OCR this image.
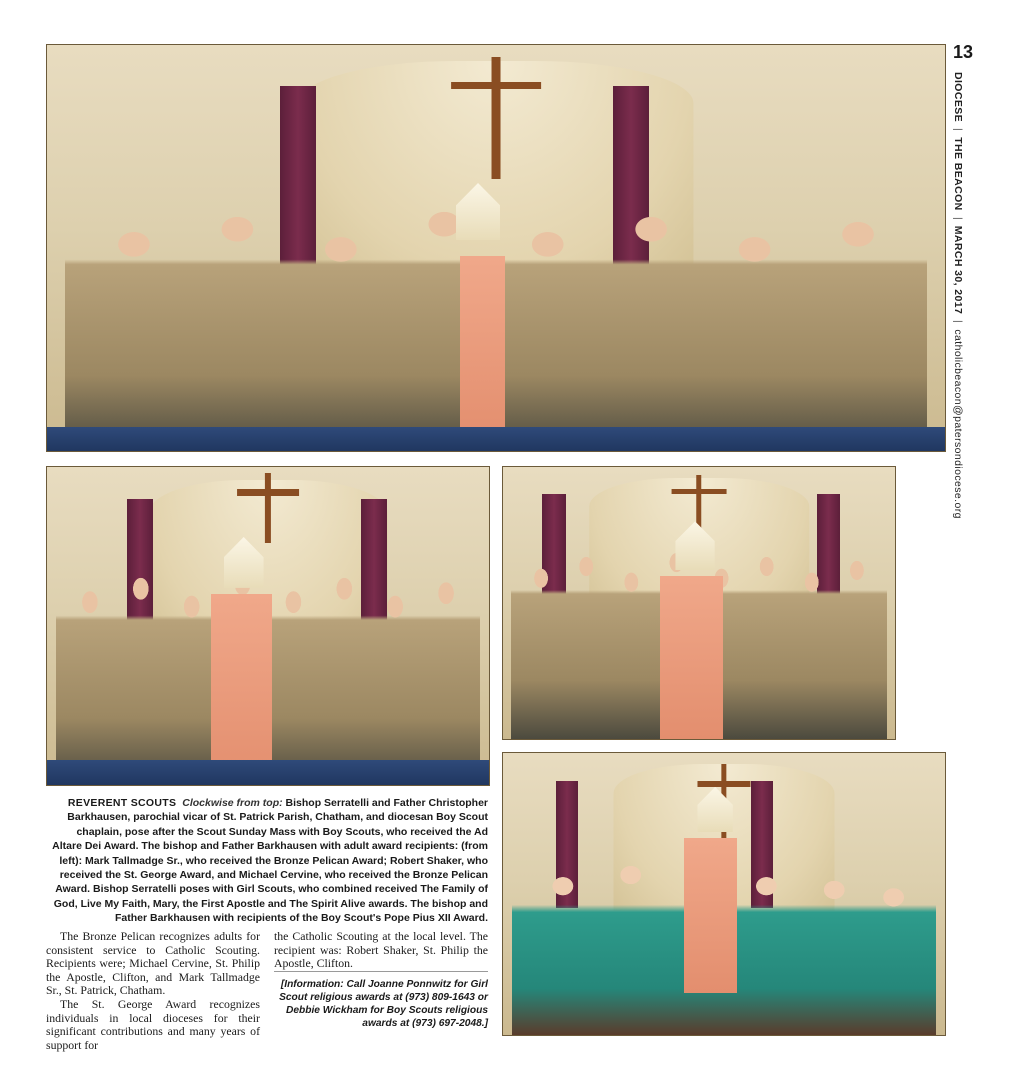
13
DIOCESE|THE BEACON|MARCH 30, 2017|catholicbeacon@patersondiocese.org
REVERENT SCOUTS Clockwise from top: Bishop Serratelli and Father Christopher Barkhausen, parochial vicar of St. Patrick Parish, Chatham, and diocesan Boy Scout chaplain, pose after the Scout Sunday Mass with Boy Scouts, who received the Ad Altare Dei Award. The bishop and Father Barkhausen with adult award recipients: (from left): Mark Tallmadge Sr., who received the Bronze Pelican Award; Robert Shaker, who received the St. George Award, and Michael Cervine, who received the Bronze Pelican Award. Bishop Serratelli poses with Girl Scouts, who combined received The Family of God, Live My Faith, Mary, the First Apostle and The Spirit Alive awards. The bishop and Father Barkhausen with recipients of the Boy Scout's Pope Pius XII Award.

The Bronze Pelican recognizes adults for consistent service to Catholic Scouting. Recipients were; Michael Cervine, St. Philip the Apostle, Clifton, and Mark Tallmadge Sr., St. Patrick, Chatham.

The St. George Award recognizes individuals in local dioceses for their significant contributions and many years of support for

the Catholic Scouting at the local level. The recipient was: Robert Shaker, St. Philip the Apostle, Clifton.

[Information: Call Joanne Ponnwitz for Girl Scout religious awards at (973) 809-1643 or Debbie Wickham for Boy Scouts religious awards at (973) 697-2048.]
